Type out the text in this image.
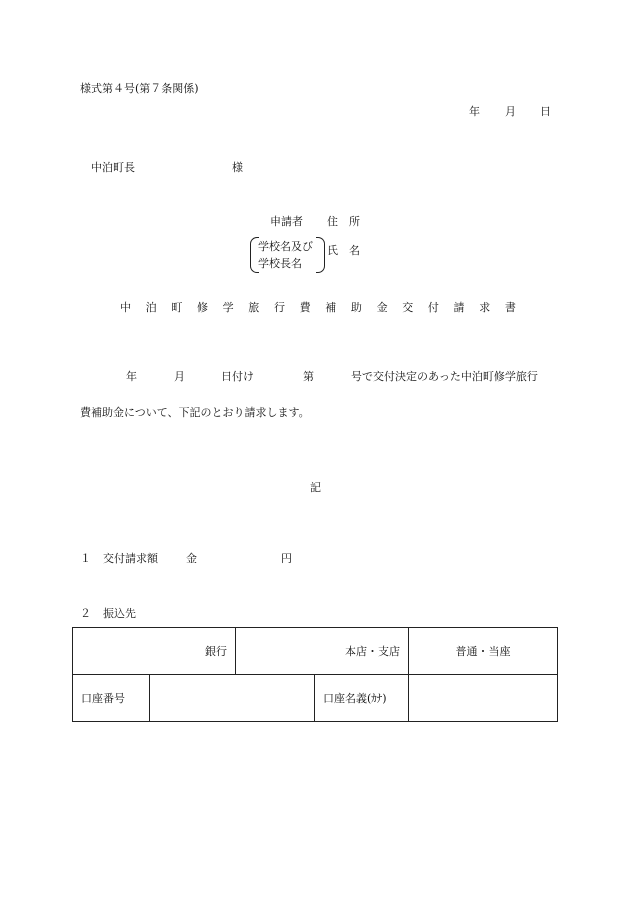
様式第４号(第７条関係)
年 月 日
中泊町長	様
申請者 住　所
学校名及び
学校長名
氏　名
中 泊 町 修 学 旅 行 費 補 助 金 交 付 請 求 書
年	月	日付け	第	号で交付決定のあった中泊町修学旅行
費補助金について、下記のとおり請求します。
記
１ 交付請求額	金	円
２ 振込先
銀行		本店・支店		普通・当座
口座番号			口座名義(ｶﾅ)	
